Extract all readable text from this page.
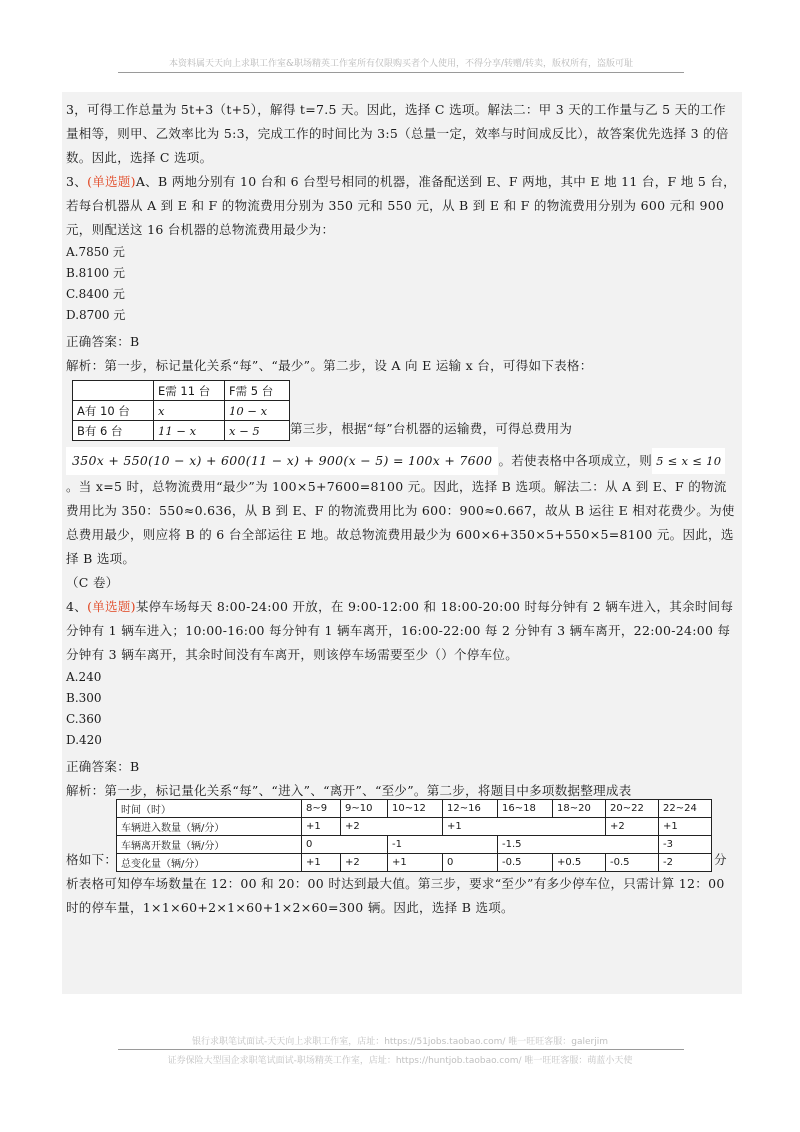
本资料属天天向上求职工作室&职场精英工作室所有仅限购买者个人使用，不得分享/转赠/转卖，版权所有，盗版可耻

3，可得工作总量为 5t+3（t+5），解得 t=7.5 天。因此，选择 C 选项。解法二：甲 3 天的工作量与乙 5 天的工作量相等，则甲、乙效率比为 5:3，完成工作的时间比为 3:5（总量一定，效率与时间成反比），故答案优先选择 3 的倍数。因此，选择 C 选项。

3、(单选题)A、B 两地分别有 10 台和 6 台型号相同的机器，准备配送到 E、F 两地，其中 E 地 11 台，F 地 5 台，若每台机器从 A 到 E 和 F 的物流费用分别为 350 元和 550 元，从 B 到 E 和 F 的物流费用分别为 600 元和 900 元，则配送这 16 台机器的总物流费用最少为：

A.7850 元
B.8100 元
C.8400 元
D.8700 元

正确答案：B

解析：第一步，标记量化关系“每”、“最少”。第二步，设 A 向 E 运输 x 台，可得如下表格：

	E需 11 台	F需 5 台
A有 10 台	x	10 − x
B有 6 台	11 − x	x − 5 第三步，根据“每”台机器的运输费，可得总费用为

350x + 550(10 − x) + 600(11 − x) + 900(x − 5) = 100x + 7600 。若使表格中各项成立，则 5 ≤ x ≤ 10。当 x=5 时，总物流费用“最少”为 100×5+7600=8100 元。因此，选择 B 选项。解法二：从 A 到 E、F 的物流费用比为 350：550≈0.636，从 B 到 E、F 的物流费用比为 600：900≈0.667，故从 B 运往 E 相对花费少。为使总费用最少，则应将 B 的 6 台全部运往 E 地。故总物流费用最少为 600×6+350×5+550×5=8100 元。因此，选择 B 选项。

（C 卷）

4、(单选题)某停车场每天 8:00-24:00 开放，在 9:00-12:00 和 18:00-20:00 时每分钟有 2 辆车进入，其余时间每分钟有 1 辆车进入；10:00-16:00 每分钟有 1 辆车离开，16:00-22:00 每 2 分钟有 3 辆车离开，22:00-24:00 每分钟有 3 辆车离开，其余时间没有车离开，则该停车场需要至少（）个停车位。

A.240
B.300
C.360
D.420

正确答案：B

解析：第一步，标记量化关系“每”、“进入”、“离开”、“至少”。第二步，将题目中多项数据整理成表

时间（时）	8~9	9~10	10~12	12~16	16~18	18~20	20~22	22~24
车辆进入数量（辆/分）	+1	+2		+1			+2	+1
车辆离开数量（辆/分）	0		-1		-1.5			-3
总变化量（辆/分）	+1	+2	+1	0	-0.5	+0.5	-0.5	-2	分

格如下：

析表格可知停车场数量在 12：00 和 20：00 时达到最大值。第三步，要求“至少”有多少停车位，只需计算 12：00 时的停车量，1×1×60+2×1×60+1×2×60=300 辆。因此，选择 B 选项。

银行求职笔试面试-天天向上求职工作室，店址：https://51jobs.taobao.com/ 唯一旺旺客服：galerjim
证券保险大型国企求职笔试面试-职场精英工作室，店址：https://huntjob.taobao.com/ 唯一旺旺客服：萌蓝小天使
